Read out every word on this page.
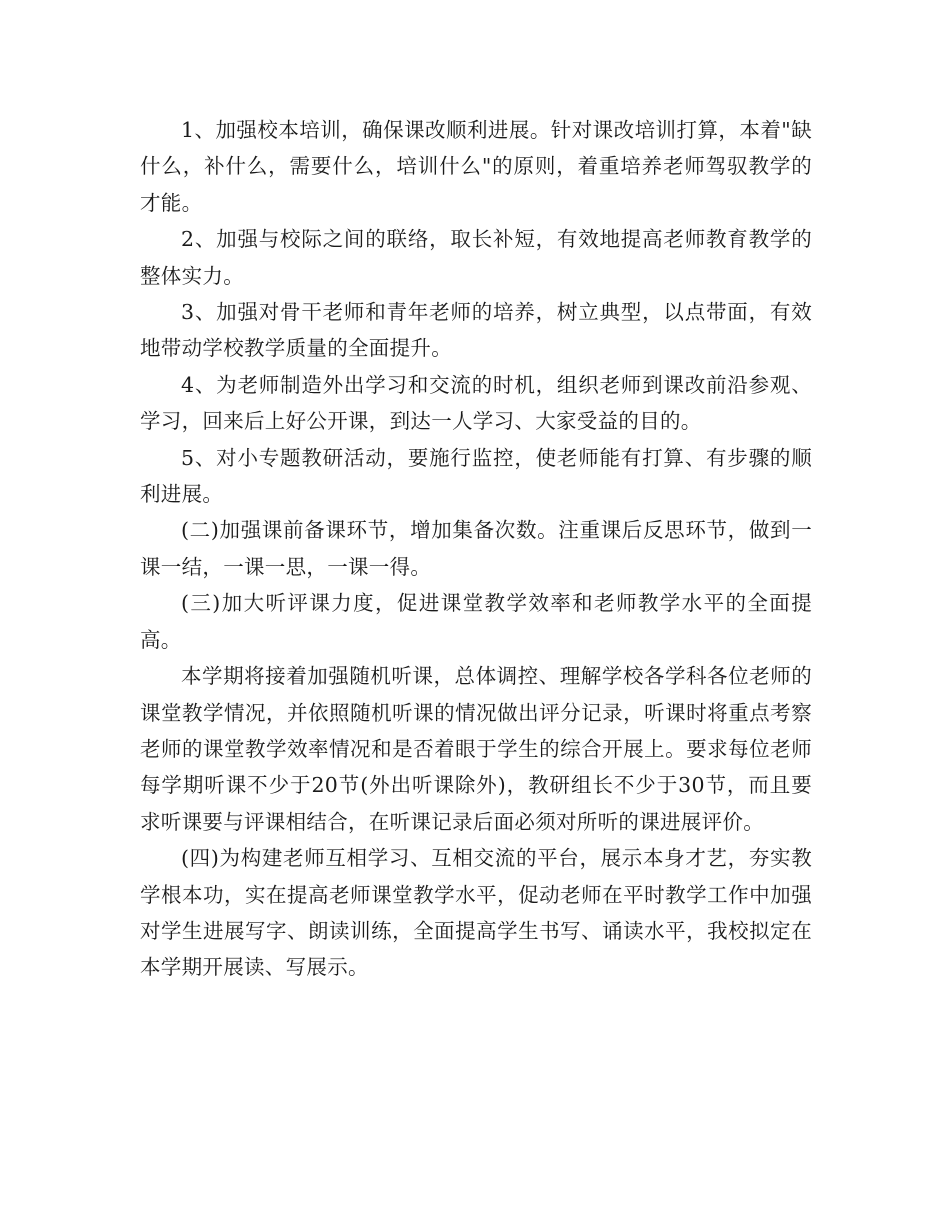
1、加强校本培训，确保课改顺利进展。针对课改培训打算，本着"缺什么，补什么，需要什么，培训什么"的原则，着重培养老师驾驭教学的才能。

2、加强与校际之间的联络，取长补短，有效地提高老师教育教学的整体实力。

3、加强对骨干老师和青年老师的培养，树立典型，以点带面，有效地带动学校教学质量的全面提升。

4、为老师制造外出学习和交流的时机，组织老师到课改前沿参观、学习，回来后上好公开课，到达一人学习、大家受益的目的。

5、对小专题教研活动，要施行监控，使老师能有打算、有步骤的顺利进展。

(二)加强课前备课环节，增加集备次数。注重课后反思环节，做到一课一结，一课一思，一课一得。

(三)加大听评课力度，促进课堂教学效率和老师教学水平的全面提高。

本学期将接着加强随机听课，总体调控、理解学校各学科各位老师的课堂教学情况，并依照随机听课的情况做出评分记录，听课时将重点考察老师的课堂教学效率情况和是否着眼于学生的综合开展上。要求每位老师每学期听课不少于20节(外出听课除外)，教研组长不少于30节，而且要求听课要与评课相结合，在听课记录后面必须对所听的课进展评价。

(四)为构建老师互相学习、互相交流的平台，展示本身才艺，夯实教学根本功，实在提高老师课堂教学水平，促动老师在平时教学工作中加强对学生进展写字、朗读训练，全面提高学生书写、诵读水平，我校拟定在本学期开展读、写展示。
